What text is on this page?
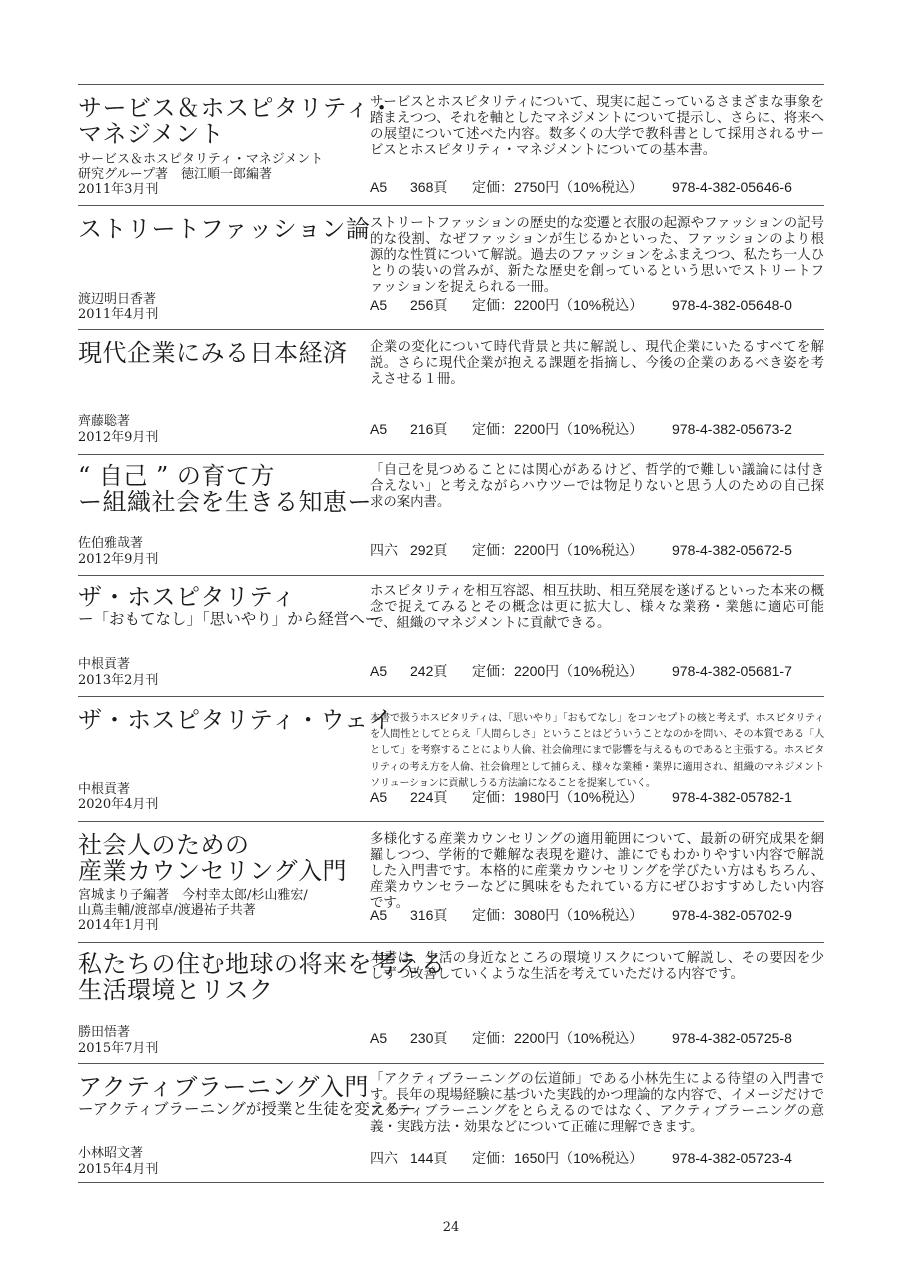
サービス＆ホスピタリティ・
マネジメント
サービス＆ホスピタリティ・マネジメント
研究グループ著　徳江順一郎編著
2011年3月刊
サービスとホスピタリティについて、現実に起こっているさまざまな事象を踏まえつつ、それを軸としたマネジメントについて提示し、さらに、将来への展望について述べた内容。数多くの大学で教科書として採用されるサービスとホスピタリティ・マネジメントについての基本書。
A5	368頁	定価：2750円（10%税込）	978-4-382-05646-6
ストリートファッション論
渡辺明日香著
2011年4月刊
ストリートファッションの歴史的な変遷と衣服の起源やファッションの記号的な役割、なぜファッションが生じるかといった、ファッションのより根源的な性質について解説。過去のファッションをふまえつつ、私たち一人ひとりの装いの営みが、新たな歴史を創っているという思いでストリートファッションを捉えられる一冊。
A5	256頁	定価：2200円（10%税込）	978-4-382-05648-0
現代企業にみる日本経済
齊藤聡著
2012年9月刊
企業の変化について時代背景と共に解説し、現代企業にいたるすべてを解説。さらに現代企業が抱える課題を指摘し、今後の企業のあるべき姿を考えさせる１冊。
A5	216頁	定価：2200円（10%税込）	978-4-382-05673-2
“ 自己 ” の育て方
ー組織社会を生きる知恵ー
佐伯雅哉著
2012年9月刊
「自己を見つめることには関心があるけど、哲学的で難しい議論には付き合えない」と考えながらハウツーでは物足りないと思う人のための自己探求の案内書。
四六 292頁	定価：2200円（10%税込）	978-4-382-05672-5
ザ・ホスピタリティ
ー「おもてなし」「思いやり」から経営へー
中根貢著
2013年2月刊
ホスピタリティを相互容認、相互扶助、相互発展を遂げるといった本来の概念で捉えてみるとその概念は更に拡大し、様々な業務・業態に適応可能で、組織のマネジメントに貢献できる。
A5	242頁	定価：2200円（10%税込）	978-4-382-05681-7
ザ・ホスピタリティ・ウェイ
中根貢著
2020年4月刊
本書で扱うホスピタリティは、「思いやり」「おもてなし」をコンセプトの核と考えず、ホスピタリティを人間性としてとらえ「人間らしさ」ということはどういうことなのかを問い、その本質である「人として」を考察することにより人倫、社会倫理にまで影響を与えるものであると主張する。ホスピタリティの考え方を人倫、社会倫理として捕らえ、様々な業種・業界に適用され、組織のマネジメントソリューションに貢献しうる方法論になることを提案していく。
A5	224頁	定価：1980円（10%税込）	978-4-382-05782-1
社会人のための
産業カウンセリング入門
宮城まり子編著　今村幸太郎/杉山雅宏/
山蔦圭輔/渡部卓/渡邉祐子共著
2014年1月刊
多様化する産業カウンセリングの適用範囲について、最新の研究成果を網羅しつつ、学術的で難解な表現を避け、誰にでもわかりやすい内容で解説した入門書です。本格的に産業カウンセリングを学びたい方はもちろん、産業カウンセラーなどに興味をもたれている方にぜひおすすめしたい内容です。
A5	316頁	定価：3080円（10%税込）	978-4-382-05702-9
私たちの住む地球の将来を考える
生活環境とリスク
勝田悟著
2015年7月刊
本書は、生活の身近なところの環境リスクについて解説し、その要因を少しずつ改善していくような生活を考えていただける内容です。
A5	230頁	定価：2200円（10%税込）	978-4-382-05725-8
アクティブラーニング入門
ーアクティブラーニングが授業と生徒を変えるー
小林昭文著
2015年4月刊
「アクティブラーニングの伝道師」である小林先生による待望の入門書です。長年の現場経験に基づいた実践的かつ理論的な内容で、イメージだけでアクティブラーニングをとらえるのではなく、アクティブラーニングの意義・実践方法・効果などについて正確に理解できます。
四六 144頁	定価：1650円（10%税込）	978-4-382-05723-4
24
